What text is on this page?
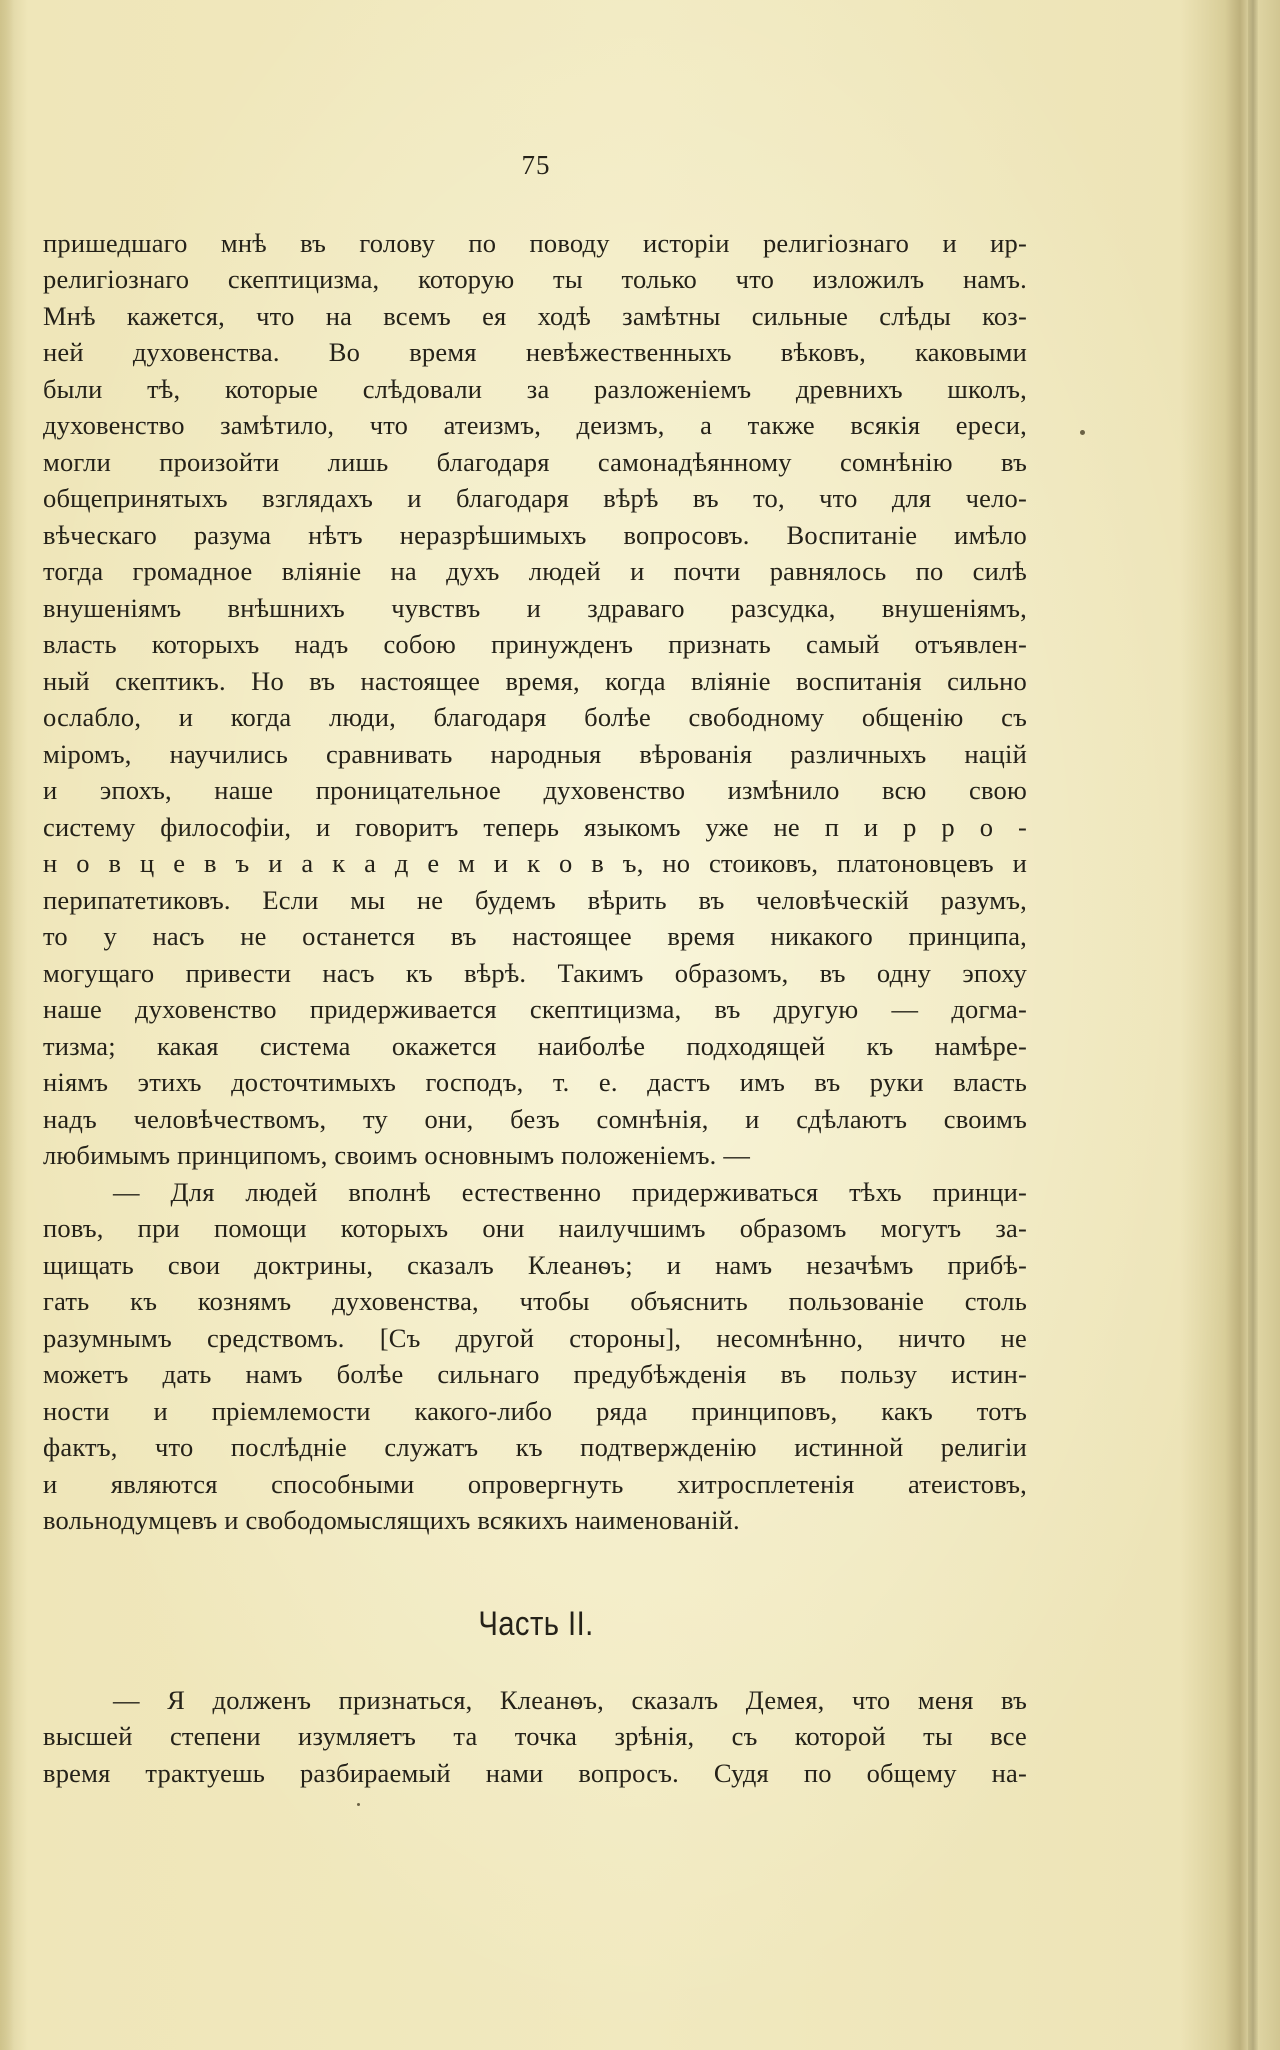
75
пришедшаго мнѣ въ голову по поводу исторіи религіознаго и ир-
религіознаго скептицизма, которую ты только что изложилъ намъ.
Мнѣ кажется, что на всемъ ея ходѣ замѣтны сильные слѣды коз-
ней духовенства. Во время невѣжественныхъ вѣковъ, каковыми
были тѣ, которые слѣдовали за разложеніемъ древнихъ школъ,
духовенство замѣтило, что атеизмъ, деизмъ, а также всякія ереси,
могли произойти лишь благодаря самонадѣянному сомнѣнію въ
общепринятыхъ взглядахъ и благодаря вѣрѣ въ то, что для чело-
вѣческаго разума нѣтъ неразрѣшимыхъ вопросовъ. Воспитаніе имѣло
тогда громадное вліяніе на духъ людей и почти равнялось по силѣ
внушеніямъ внѣшнихъ чувствъ и здраваго разсудка, внушеніямъ,
власть которыхъ надъ собою принужденъ признать самый отъявлен-
ный скептикъ. Но въ настоящее время, когда вліяніе воспитанія сильно
ослабло, и когда люди, благодаря болѣе свободному общенію съ
міромъ, научились сравнивать народныя вѣрованія различныхъ націй
и эпохъ, наше проницательное духовенство измѣнило всю свою
систему философіи, и говоритъ теперь языкомъ уже не п и р р о -
н о в ц е в ъ и а к а д е м и к о в ъ, но стоиковъ, платоновцевъ и
перипатетиковъ. Если мы не будемъ вѣрить въ человѣческій разумъ,
то у насъ не останется въ настоящее время никакого принципа,
могущаго привести насъ къ вѣрѣ. Такимъ образомъ, въ одну эпоху
наше духовенство придерживается скептицизма, въ другую — догма-
тизма; какая система окажется наиболѣе подходящей къ намѣре-
ніямъ этихъ досточтимыхъ господъ, т. е. дастъ имъ въ руки власть
надъ человѣчествомъ, ту они, безъ сомнѣнія, и сдѣлаютъ своимъ
любимымъ принципомъ, своимъ основнымъ положеніемъ. —
— Для людей вполнѣ естественно придерживаться тѣхъ принци-
повъ, при помощи которыхъ они наилучшимъ образомъ могутъ за-
щищать свои доктрины, сказалъ Клеанѳъ; и намъ незачѣмъ прибѣ-
гать къ кознямъ духовенства, чтобы объяснить пользованіе столь
разумнымъ средствомъ. [Съ другой стороны], несомнѣнно, ничто не
можетъ дать намъ болѣе сильнаго предубѣжденія въ пользу истин-
ности и пріемлемости какого-либо ряда принциповъ, какъ тотъ
фактъ, что послѣдніе служатъ къ подтвержденію истинной религіи
и являются способными опровергнуть хитросплетенія атеистовъ,
вольнодумцевъ и свободомыслящихъ всякихъ наименованій.
Часть II.
— Я долженъ признаться, Клеанѳъ, сказалъ Демея, что меня въ
высшей степени изумляетъ та точка зрѣнія, съ которой ты все
время трактуешь разбираемый нами вопросъ. Судя по общему на-
